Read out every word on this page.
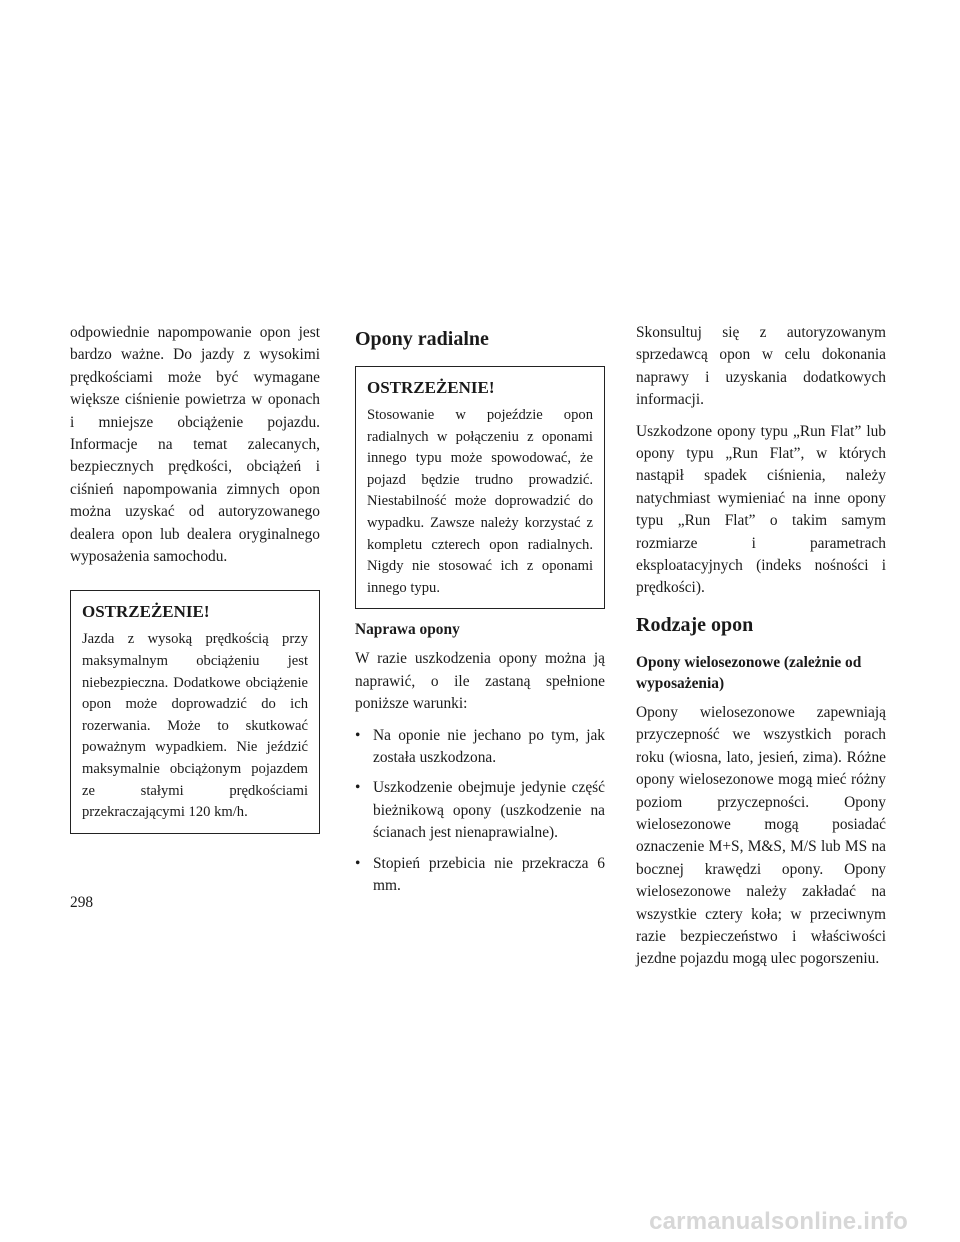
odpowiednie napompowanie opon jest bardzo ważne. Do jazdy z wysokimi prędkościami może być wymagane większe ciśnienie powietrza w oponach i mniejsze obciążenie pojazdu. Informacje na temat zalecanych, bezpiecznych prędkości, obciążeń i ciśnień napompowania zimnych opon można uzyskać od autoryzowanego dealera opon lub dealera oryginalnego wyposażenia samochodu.

OSTRZEŻENIE!

Jazda z wysoką prędkością przy maksymalnym obciążeniu jest niebezpieczna. Dodatkowe obciążenie opon może doprowadzić do ich rozerwania. Może to skutkować poważnym wypadkiem. Nie jeździć maksymalnie obciążonym pojazdem ze stałymi prędkościami przekraczającymi 120 km/h.

Opony radialne
OSTRZEŻENIE!

Stosowanie w pojeździe opon radialnych w połączeniu z oponami innego typu może spowodować, że pojazd będzie trudno prowadzić. Niestabilność może doprowadzić do wypadku. Zawsze należy korzystać z kompletu czterech opon radialnych. Nigdy nie stosować ich z oponami innego typu.

Naprawa opony

W razie uszkodzenia opony można ją naprawić, o ile zastaną spełnione poniższe warunki:

• Na oponie nie jechano po tym, jak została uszkodzona.
• Uszkodzenie obejmuje jedynie część bieżnikową opony (uszkodzenie na ścianach jest nienaprawialne).
• Stopień przebicia nie przekracza 6 mm.

Skonsultuj się z autoryzowanym sprzedawcą opon w celu dokonania naprawy i uzyskania dodatkowych informacji.

Uszkodzone opony typu „Run Flat” lub opony typu „Run Flat”, w których nastąpił spadek ciśnienia, należy natychmiast wymieniać na inne opony typu „Run Flat” o takim samym rozmiarze i parametrach eksploatacyjnych (indeks nośności i prędkości).

Rodzaje opon
Opony wielosezonowe (zależnie od wyposażenia)

Opony wielosezonowe zapewniają przyczepność we wszystkich porach roku (wiosna, lato, jesień, zima). Różne opony wielosezonowe mogą mieć różny poziom przyczepności. Opony wielosezonowe mogą posiadać oznaczenie M+S, M&S, M/S lub MS na bocznej krawędzi opony. Opony wielosezonowe należy zakładać na wszystkie cztery koła; w przeciwnym razie bezpieczeństwo i właściwości jezdne pojazdu mogą ulec pogorszeniu.

298
carmanualsonline.info
